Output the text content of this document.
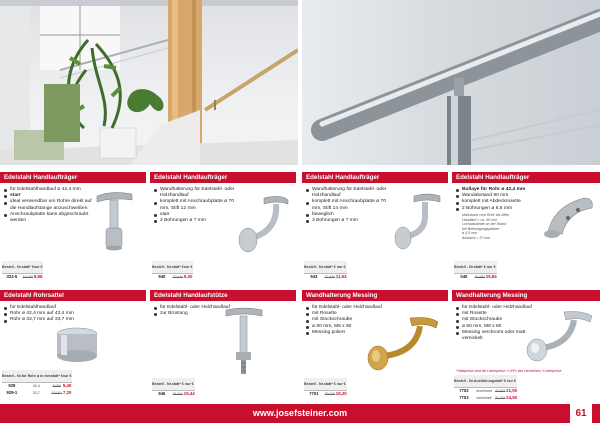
Edelstahl Handlaufträger
für Edelstahlhandlauf ø 42,4 mm
starr
ideal verwendbar um Rohre direkt auf die Handlaufstange anzuschweißen
Anschraubplatte kann abgeschraubt werden
Bestell - Nr.	statt* €	nur €
322-5	15,08*	8,96
Edelstahl Handlaufträger
Wandhalterung für Edelstahl- oder Holzhandlauf
komplett mit Anschraubplatte ø 70 mm, Stift 12 mm
starr
2 Bohrungen ø 7 mm
Bestell - Nr.	statt* €	nur €
940	13,64*	9,30
Edelstahl Handlaufträger
Wandhalterung für Edelstahl- oder Holzhandlauf
komplett mit Anschraubplatte ø 70 mm, Stift 14 mm
beweglich
3 Bohrungen ø 7 mm
Bestell - Nr.	statt* €	nur €
943	17,64*	11,54
Edelstahl Handlaufträger
Bullaye für Rohr ø 42,4 mm
Wandabstand 90 mm
komplett mit Abdeckrosette
2 Bohrungen ø 6,5 mm
Maßskizzt vom Rohr bis Mitte
Handlauf = ca. 90 mm
Lochabstände an der Wand
bei Befestigungsplatten
ø 6,5 mm
Abstand = 37 mm
Bestell - Nr.	statt* €	nur €
045	20,55*	15,84
Edelstahl Rohrsattel
für Edelstahlhandlauf
Rohr ø 42,4 mm auf 42,4 mm
Rohr ø 33,7 mm auf 33,7 mm
Bestell - Nr.	für Rohr ø in mm	statt* €	nur €
929	42,4	8,06*	5,40
929-1	33,7	10,91*	7,20
Edelstahl Handlaufstütze
für Edelstahl- oder Holzhandlauf
zur Brüstung
Bestell - Nr.	statt* €	nur €
946	24,91*	15,44
Wandhalterung Messing
für Edelstahl- oder Holzhandlauf
mit Rosette
mit Stockschraube
ø 60 mm, M8 x 60
Messing poliert
Bestell - Nr.	statt* €	nur €
7701	20,02*	16,20
Wandhalterung Messing
für Edelstahl- oder Holzhandlauf
mit Rosette
mit Stockschraube
ø 60 mm, M8 x 60
Messing verchromt oder matt vernickelt
*Stattpreise sind die Listenpreise / UVPs des Herstellers / Listenpreise
Bestell - Nr.	Ausführung	statt* €	nur €
7702	verchromt	20,67*	21,00
7703	vernickelt	21,24*	24,50
www.josefsteiner.com	61
